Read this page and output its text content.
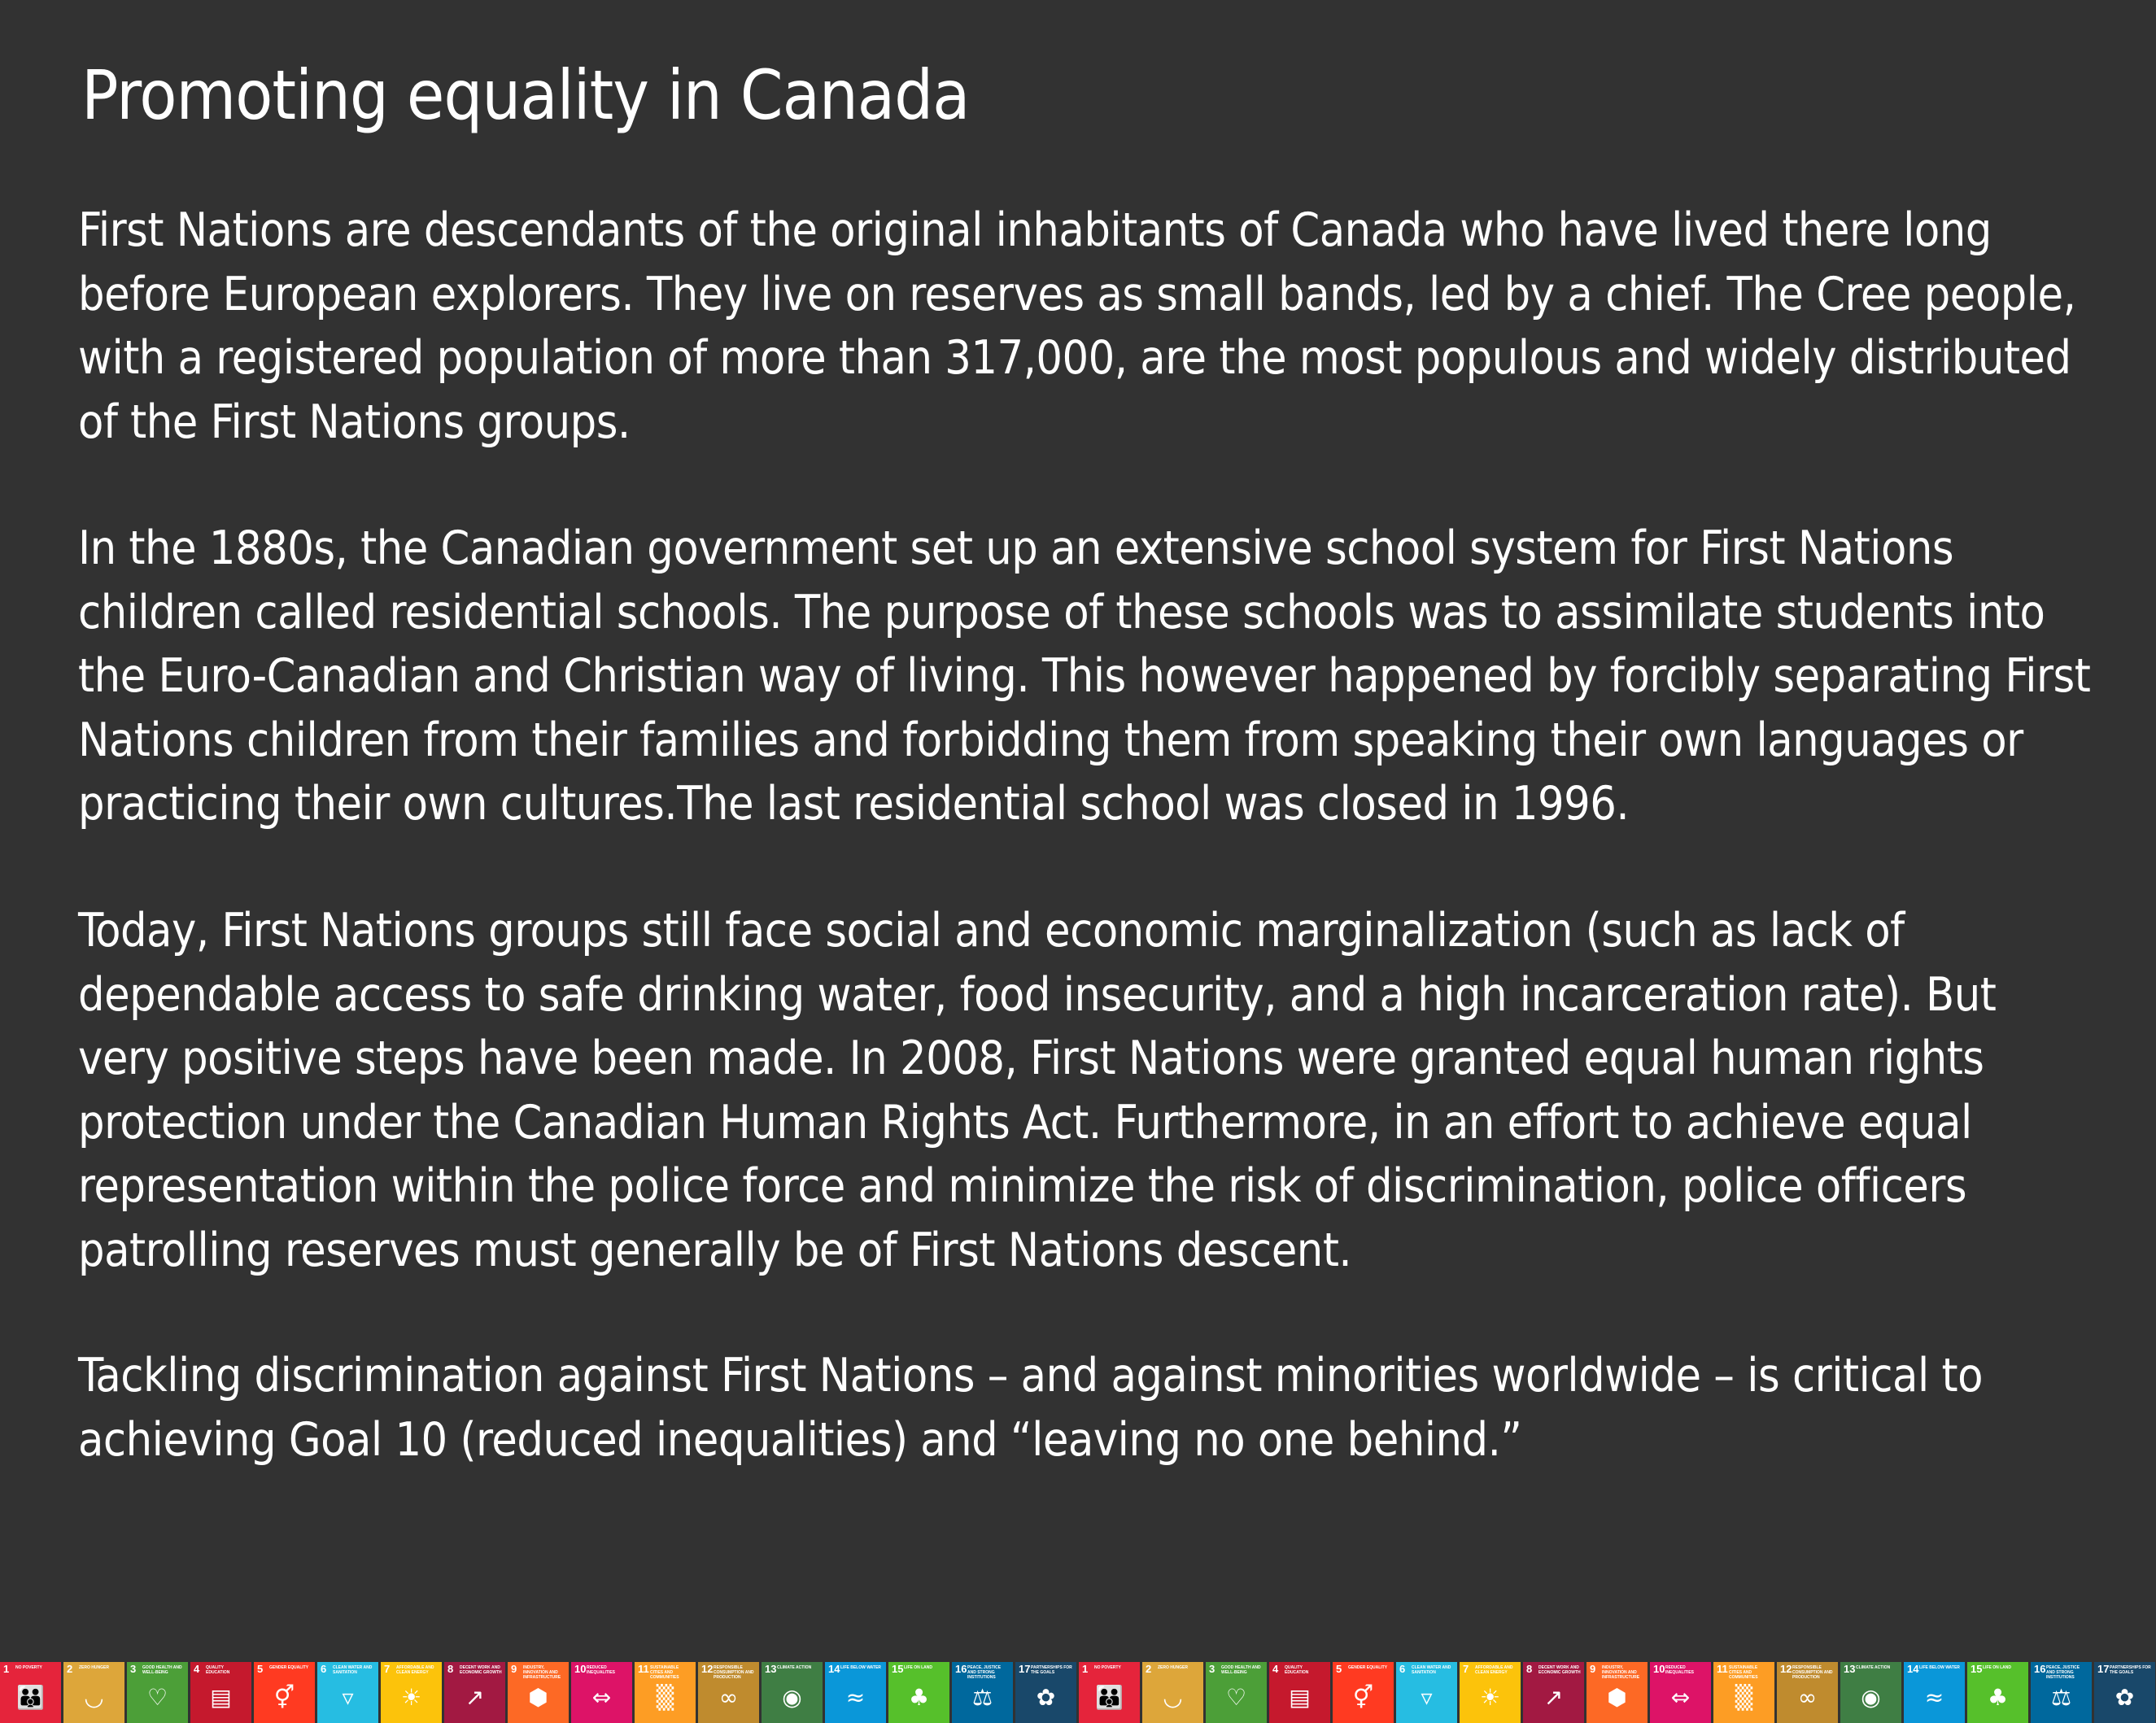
Promoting equality in Canada
First Nations are descendants of the original inhabitants of Canada who have lived there long
before European explorers. They live on reserves as small bands, led by a chief. The Cree people,
with a registered population of more than 317,000, are the most populous and widely distributed
of the First Nations groups.
In the 1880s, the Canadian government set up an extensive school system for First Nations
children called residential schools. The purpose of these schools was to assimilate students into
the Euro-Canadian and Christian way of living. This however happened by forcibly separating First
Nations children from their families and forbidding them from speaking their own languages or
practicing their own cultures.The last residential school was closed in 1996.
Today, First Nations groups still face social and economic marginalization (such as lack of
dependable access to safe drinking water, food insecurity, and a high incarceration rate). But
very positive steps have been made. In 2008, First Nations were granted equal human rights
protection under the Canadian Human Rights Act. Furthermore, in an effort to achieve equal
representation within the police force and minimize the risk of discrimination, police officers
patrolling reserves must generally be of First Nations descent.
Tackling discrimination against First Nations – and against minorities worldwide – is critical to
achieving Goal 10 (reduced inequalities) and “leaving no one behind.”
1 NO POVERTY
👪
2 ZERO HUNGER
◡
3 GOOD HEALTH AND WELL-BEING
♡
4 QUALITY EDUCATION
▤
5 GENDER EQUALITY
⚥
6 CLEAN WATER AND SANITATION
▿
7 AFFORDABLE AND CLEAN ENERGY
☀
8 DECENT WORK AND ECONOMIC GROWTH
↗
9 INDUSTRY, INNOVATION AND INFRASTRUCTURE
⬢
10 REDUCED INEQUALITIES
⇔
11 SUSTAINABLE CITIES AND COMMUNITIES
▒
12 RESPONSIBLE CONSUMPTION AND PRODUCTION
∞
13 CLIMATE ACTION
◉
14 LIFE BELOW WATER
≈
15 LIFE ON LAND
♣
16 PEACE, JUSTICE AND STRONG INSTITUTIONS
⚖
17 PARTNERSHIPS FOR THE GOALS
✿
1 NO POVERTY
👪
2 ZERO HUNGER
◡
3 GOOD HEALTH AND WELL-BEING
♡
4 QUALITY EDUCATION
▤
5 GENDER EQUALITY
⚥
6 CLEAN WATER AND SANITATION
▿
7 AFFORDABLE AND CLEAN ENERGY
☀
8 DECENT WORK AND ECONOMIC GROWTH
↗
9 INDUSTRY, INNOVATION AND INFRASTRUCTURE
⬢
10 REDUCED INEQUALITIES
⇔
11 SUSTAINABLE CITIES AND COMMUNITIES
▒
12 RESPONSIBLE CONSUMPTION AND PRODUCTION
∞
13 CLIMATE ACTION
◉
14 LIFE BELOW WATER
≈
15 LIFE ON LAND
♣
16 PEACE, JUSTICE AND STRONG INSTITUTIONS
⚖
17 PARTNERSHIPS FOR THE GOALS
✿
